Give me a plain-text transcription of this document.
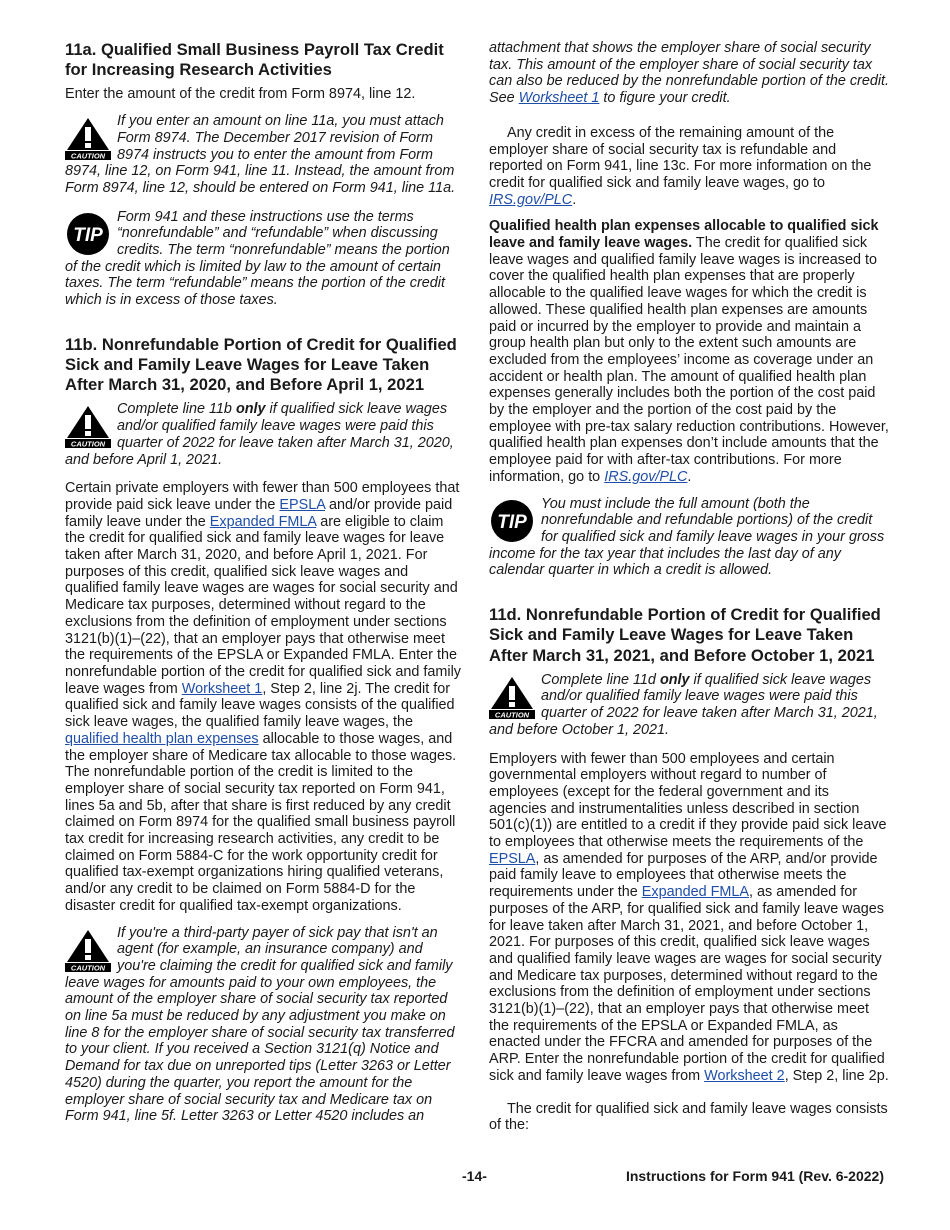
11a. Qualified Small Business Payroll Tax Credit for Increasing Research Activities

Enter the amount of the credit from Form 8974, line 12.

CAUTION
If you enter an amount on line 11a, you must attach Form 8974. The December 2017 revision of Form 8974 instructs you to enter the amount from Form 8974, line 12, on Form 941, line 11. Instead, the amount from Form 8974, line 12, should be entered on Form 941, line 11a.
TIP
Form 941 and these instructions use the terms “nonrefundable” and “refundable” when discussing credits. The term “nonrefundable” means the portion of the credit which is limited by law to the amount of certain taxes. The term “refundable” means the portion of the credit which is in excess of those taxes.
11b. Nonrefundable Portion of Credit for Qualified Sick and Family Leave Wages for Leave Taken After March 31, 2020, and Before April 1, 2021
CAUTION
Complete line 11b only if qualified sick leave wages and/or qualified family leave wages were paid this quarter of 2022 for leave taken after March 31, 2020, and before April 1, 2021.

Certain private employers with fewer than 500 employees that provide paid sick leave under the EPSLA and/or provide paid family leave under the Expanded FMLA are eligible to claim the credit for qualified sick and family leave wages for leave taken after March 31, 2020, and before April 1, 2021. For purposes of this credit, qualified sick leave wages and qualified family leave wages are wages for social security and Medicare tax purposes, determined without regard to the exclusions from the definition of employment under sections 3121(b)(1)–(22), that an employer pays that otherwise meet the requirements of the EPSLA or Expanded FMLA. Enter the nonrefundable portion of the credit for qualified sick and family leave wages from Worksheet 1, Step 2, line 2j. The credit for qualified sick and family leave wages consists of the qualified sick leave wages, the qualified family leave wages, the qualified health plan expenses allocable to those wages, and the employer share of Medicare tax allocable to those wages. The nonrefundable portion of the credit is limited to the employer share of social security tax reported on Form 941, lines 5a and 5b, after that share is first reduced by any credit claimed on Form 8974 for the qualified small business payroll tax credit for increasing research activities, any credit to be claimed on Form 5884-C for the work opportunity credit for qualified tax-exempt organizations hiring qualified veterans, and/or any credit to be claimed on Form 5884-D for the disaster credit for qualified tax-exempt organizations.

CAUTION
If you're a third-party payer of sick pay that isn't an agent (for example, an insurance company) and you're claiming the credit for qualified sick and family leave wages for amounts paid to your own employees, the amount of the employer share of social security tax reported on line 5a must be reduced by any adjustment you make on line 8 for the employer share of social security tax transferred to your client. If you received a Section 3121(q) Notice and Demand for tax due on unreported tips (Letter 3263 or Letter 4520) during the quarter, you report the amount for the employer share of social security tax and Medicare tax on Form 941, line 5f. Letter 3263 or Letter 4520 includes an

attachment that shows the employer share of social security tax. This amount of the employer share of social security tax can also be reduced by the nonrefundable portion of the credit. See Worksheet 1 to figure your credit.

Any credit in excess of the remaining amount of the employer share of social security tax is refundable and reported on Form 941, line 13c. For more information on the credit for qualified sick and family leave wages, go to IRS.gov/PLC.

Qualified health plan expenses allocable to qualified sick leave and family leave wages. The credit for qualified sick leave wages and qualified family leave wages is increased to cover the qualified health plan expenses that are properly allocable to the qualified leave wages for which the credit is allowed. These qualified health plan expenses are amounts paid or incurred by the employer to provide and maintain a group health plan but only to the extent such amounts are excluded from the employees’ income as coverage under an accident or health plan. The amount of qualified health plan expenses generally includes both the portion of the cost paid by the employer and the portion of the cost paid by the employee with pre-tax salary reduction contributions. However, qualified health plan expenses don’t include amounts that the employee paid for with after-tax contributions. For more information, go to IRS.gov/PLC.

TIP
You must include the full amount (both the nonrefundable and refundable portions) of the credit for qualified sick and family leave wages in your gross income for the tax year that includes the last day of any calendar quarter in which a credit is allowed.
11d. Nonrefundable Portion of Credit for Qualified Sick and Family Leave Wages for Leave Taken After March 31, 2021, and Before October 1, 2021
CAUTION
Complete line 11d only if qualified sick leave wages and/or qualified family leave wages were paid this quarter of 2022 for leave taken after March 31, 2021, and before October 1, 2021.

Employers with fewer than 500 employees and certain governmental employers without regard to number of employees (except for the federal government and its agencies and instrumentalities unless described in section 501(c)(1)) are entitled to a credit if they provide paid sick leave to employees that otherwise meets the requirements of the EPSLA, as amended for purposes of the ARP, and/or provide paid family leave to employees that otherwise meets the requirements under the Expanded FMLA, as amended for purposes of the ARP, for qualified sick and family leave wages for leave taken after March 31, 2021, and before October 1, 2021. For purposes of this credit, qualified sick leave wages and qualified family leave wages are wages for social security and Medicare tax purposes, determined without regard to the exclusions from the definition of employment under sections 3121(b)(1)–(22), that an employer pays that otherwise meet the requirements of the EPSLA or Expanded FMLA, as enacted under the FFCRA and amended for purposes of the ARP. Enter the nonrefundable portion of the credit for qualified sick and family leave wages from Worksheet 2, Step 2, line 2p.

The credit for qualified sick and family leave wages consists of the:

-14-	Instructions for Form 941 (Rev. 6-2022)
